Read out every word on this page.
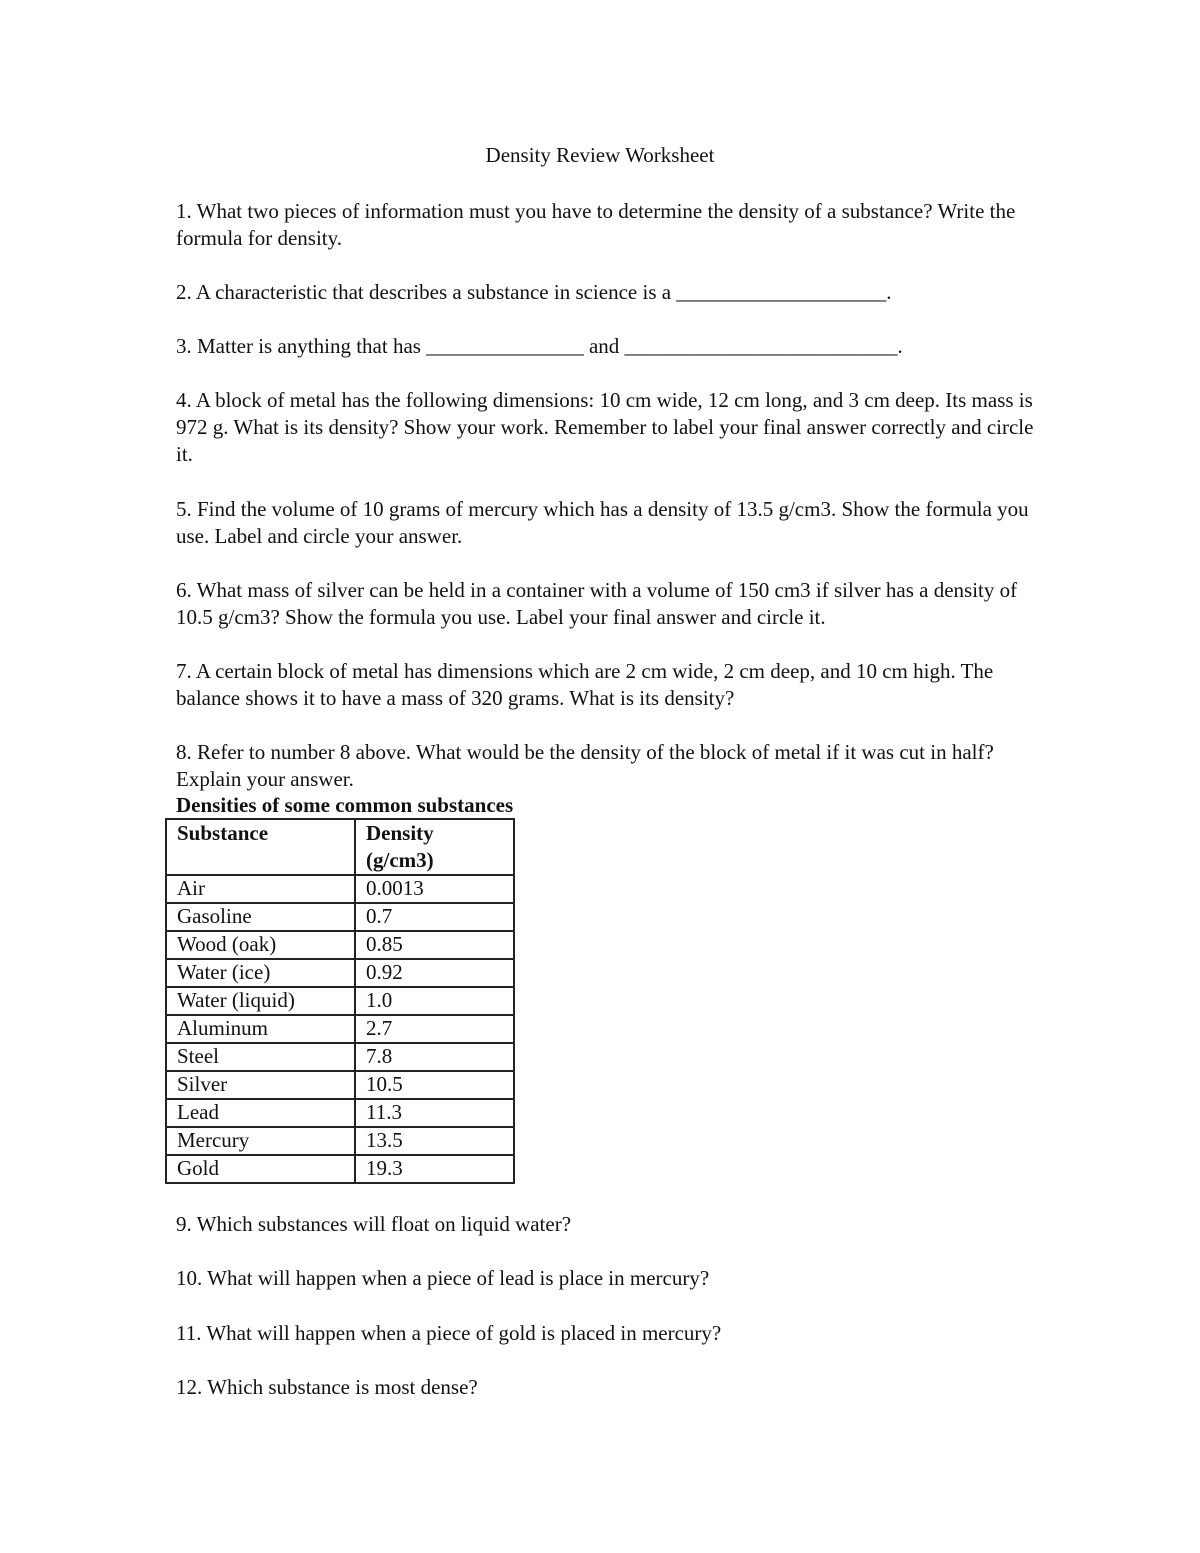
Density Review Worksheet
1. What two pieces of information must you have to determine the density of a substance? Write the formula for density.
2. A characteristic that describes a substance in science is a ____________________.
3. Matter is anything that has _______________ and __________________________.
4. A block of metal has the following dimensions: 10 cm wide, 12 cm long, and 3 cm deep. Its mass is 972 g. What is its density? Show your work. Remember to label your final answer correctly and circle it.
5. Find the volume of 10 grams of mercury which has a density of 13.5 g/cm3. Show the formula you use. Label and circle your answer.
6. What mass of silver can be held in a container with a volume of 150 cm3 if silver has a density of 10.5 g/cm3? Show the formula you use. Label your final answer and circle it.
7. A certain block of metal has dimensions which are 2 cm wide, 2 cm deep, and 10 cm high. The balance shows it to have a mass of 320 grams. What is its density?
8. Refer to number 8 above. What would be the density of the block of metal if it was cut in half? Explain your answer.
Densities of some common substances
Substance	Density (g/cm3)
Air	0.0013
Gasoline	0.7
Wood (oak)	0.85
Water (ice)	0.92
Water (liquid)	1.0
Aluminum	2.7
Steel	7.8
Silver	10.5
Lead	11.3
Mercury	13.5
Gold	19.3
9. Which substances will float on liquid water?
10. What will happen when a piece of lead is place in mercury?
11. What will happen when a piece of gold is placed in mercury?
12. Which substance is most dense?
